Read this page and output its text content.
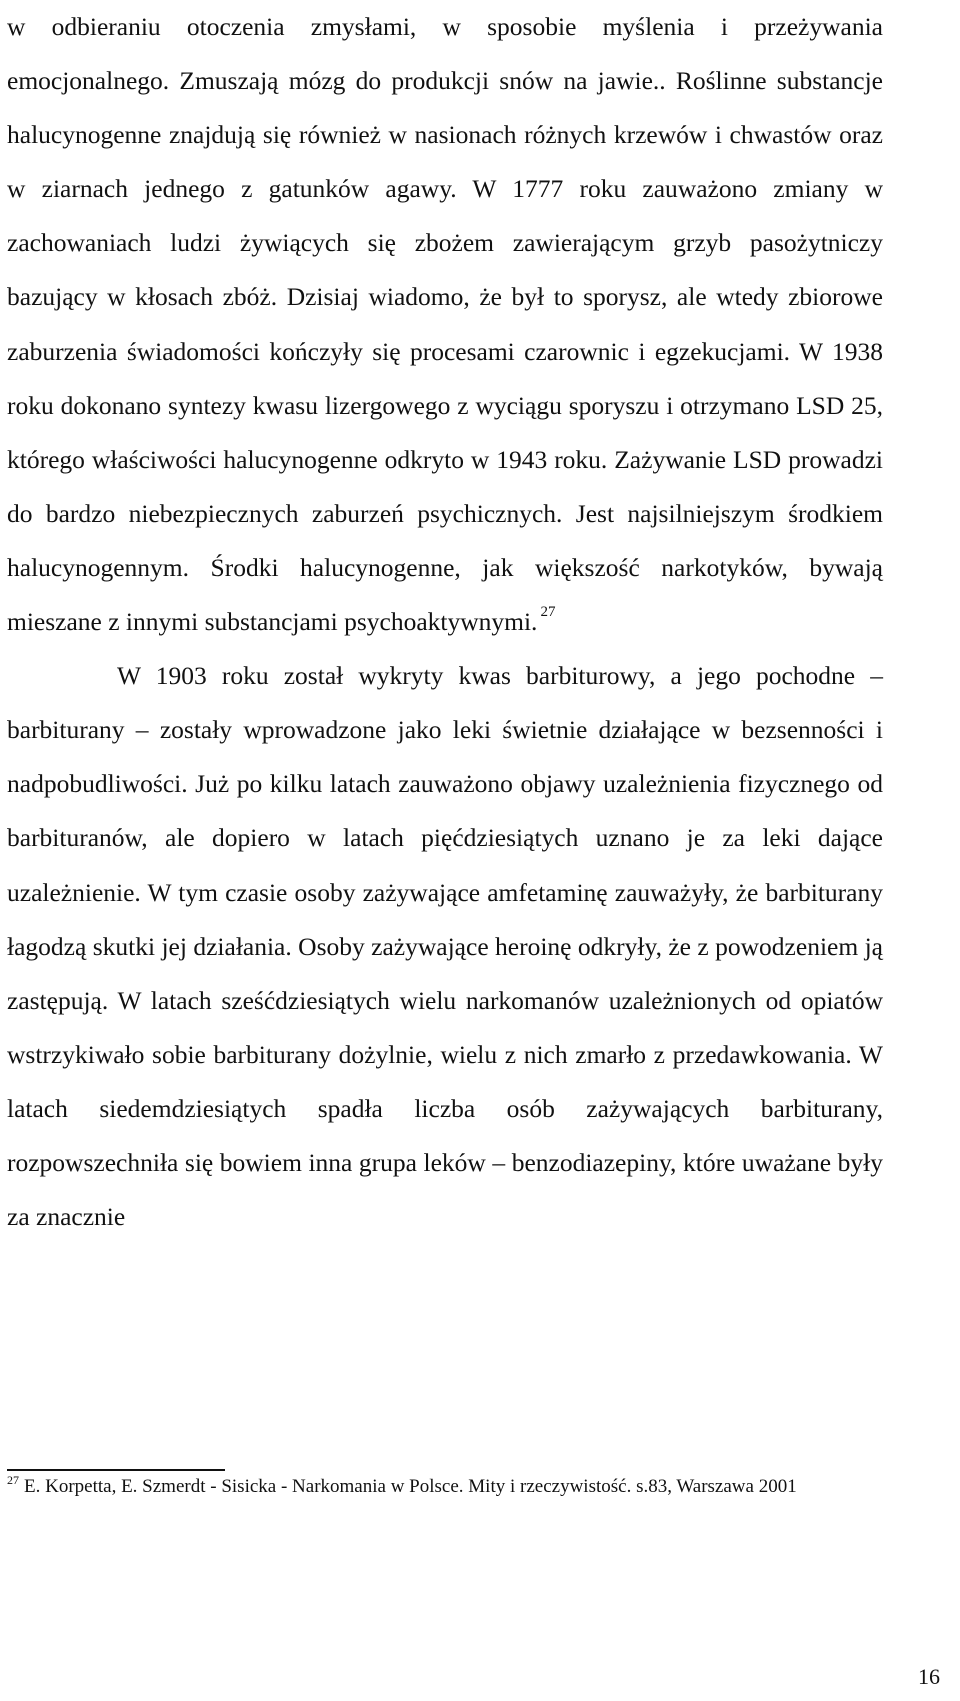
w odbieraniu otoczenia zmysłami, w sposobie myślenia i przeżywania emocjonalnego. Zmuszają mózg do produkcji snów na jawie.. Roślinne substancje halucynogenne znajdują się również w nasionach różnych krzewów i chwastów oraz w ziarnach jednego z gatunków agawy. W 1777 roku zauważono zmiany w zachowaniach ludzi żywiących się zbożem zawierającym grzyb pasożytniczy bazujący w kłosach zbóż. Dzisiaj wiadomo, że był to sporysz, ale wtedy zbiorowe zaburzenia świadomości kończyły się procesami czarownic i egzekucjami. W 1938 roku dokonano syntezy kwasu lizergowego z wyciągu sporyszu i otrzymano LSD 25, którego właściwości halucynogenne odkryto w 1943 roku. Zażywanie LSD prowadzi do bardzo niebezpiecznych zaburzeń psychicznych. Jest najsilniejszym środkiem halucynogennym. Środki halucynogenne, jak większość narkotyków, bywają mieszane z innymi substancjami psychoaktywnymi. $^{27}$

W 1903 roku został wykryty kwas barbiturowy, a jego pochodne – barbiturany – zostały wprowadzone jako leki świetnie działające w bezsenności i nadpobudliwości. Już po kilku latach zauważono objawy uzależnienia fizycznego od barbituranów, ale dopiero w latach pięćdziesiątych uznano je za leki dające uzależnienie. W tym czasie osoby zażywające amfetaminę zauważyły, że barbiturany łagodzą skutki jej działania. Osoby zażywające heroinę odkryły, że z powodzeniem ją zastępują. W latach sześćdziesiątych wielu narkomanów uzależnionych od opiatów wstrzykiwało sobie barbiturany dożylnie, wielu z nich zmarło z przedawkowania. W latach siedemdziesiątych spadła liczba osób zażywających barbiturany, rozpowszechniła się bowiem inna grupa leków – benzodiazepiny, które uważane były za znacznie

$^{27}$ E. Korpetta, E. Szmerdt - Sisicka - Narkomania w Polsce. Mity i rzeczywistość. s.83, Warszawa 2001

16
